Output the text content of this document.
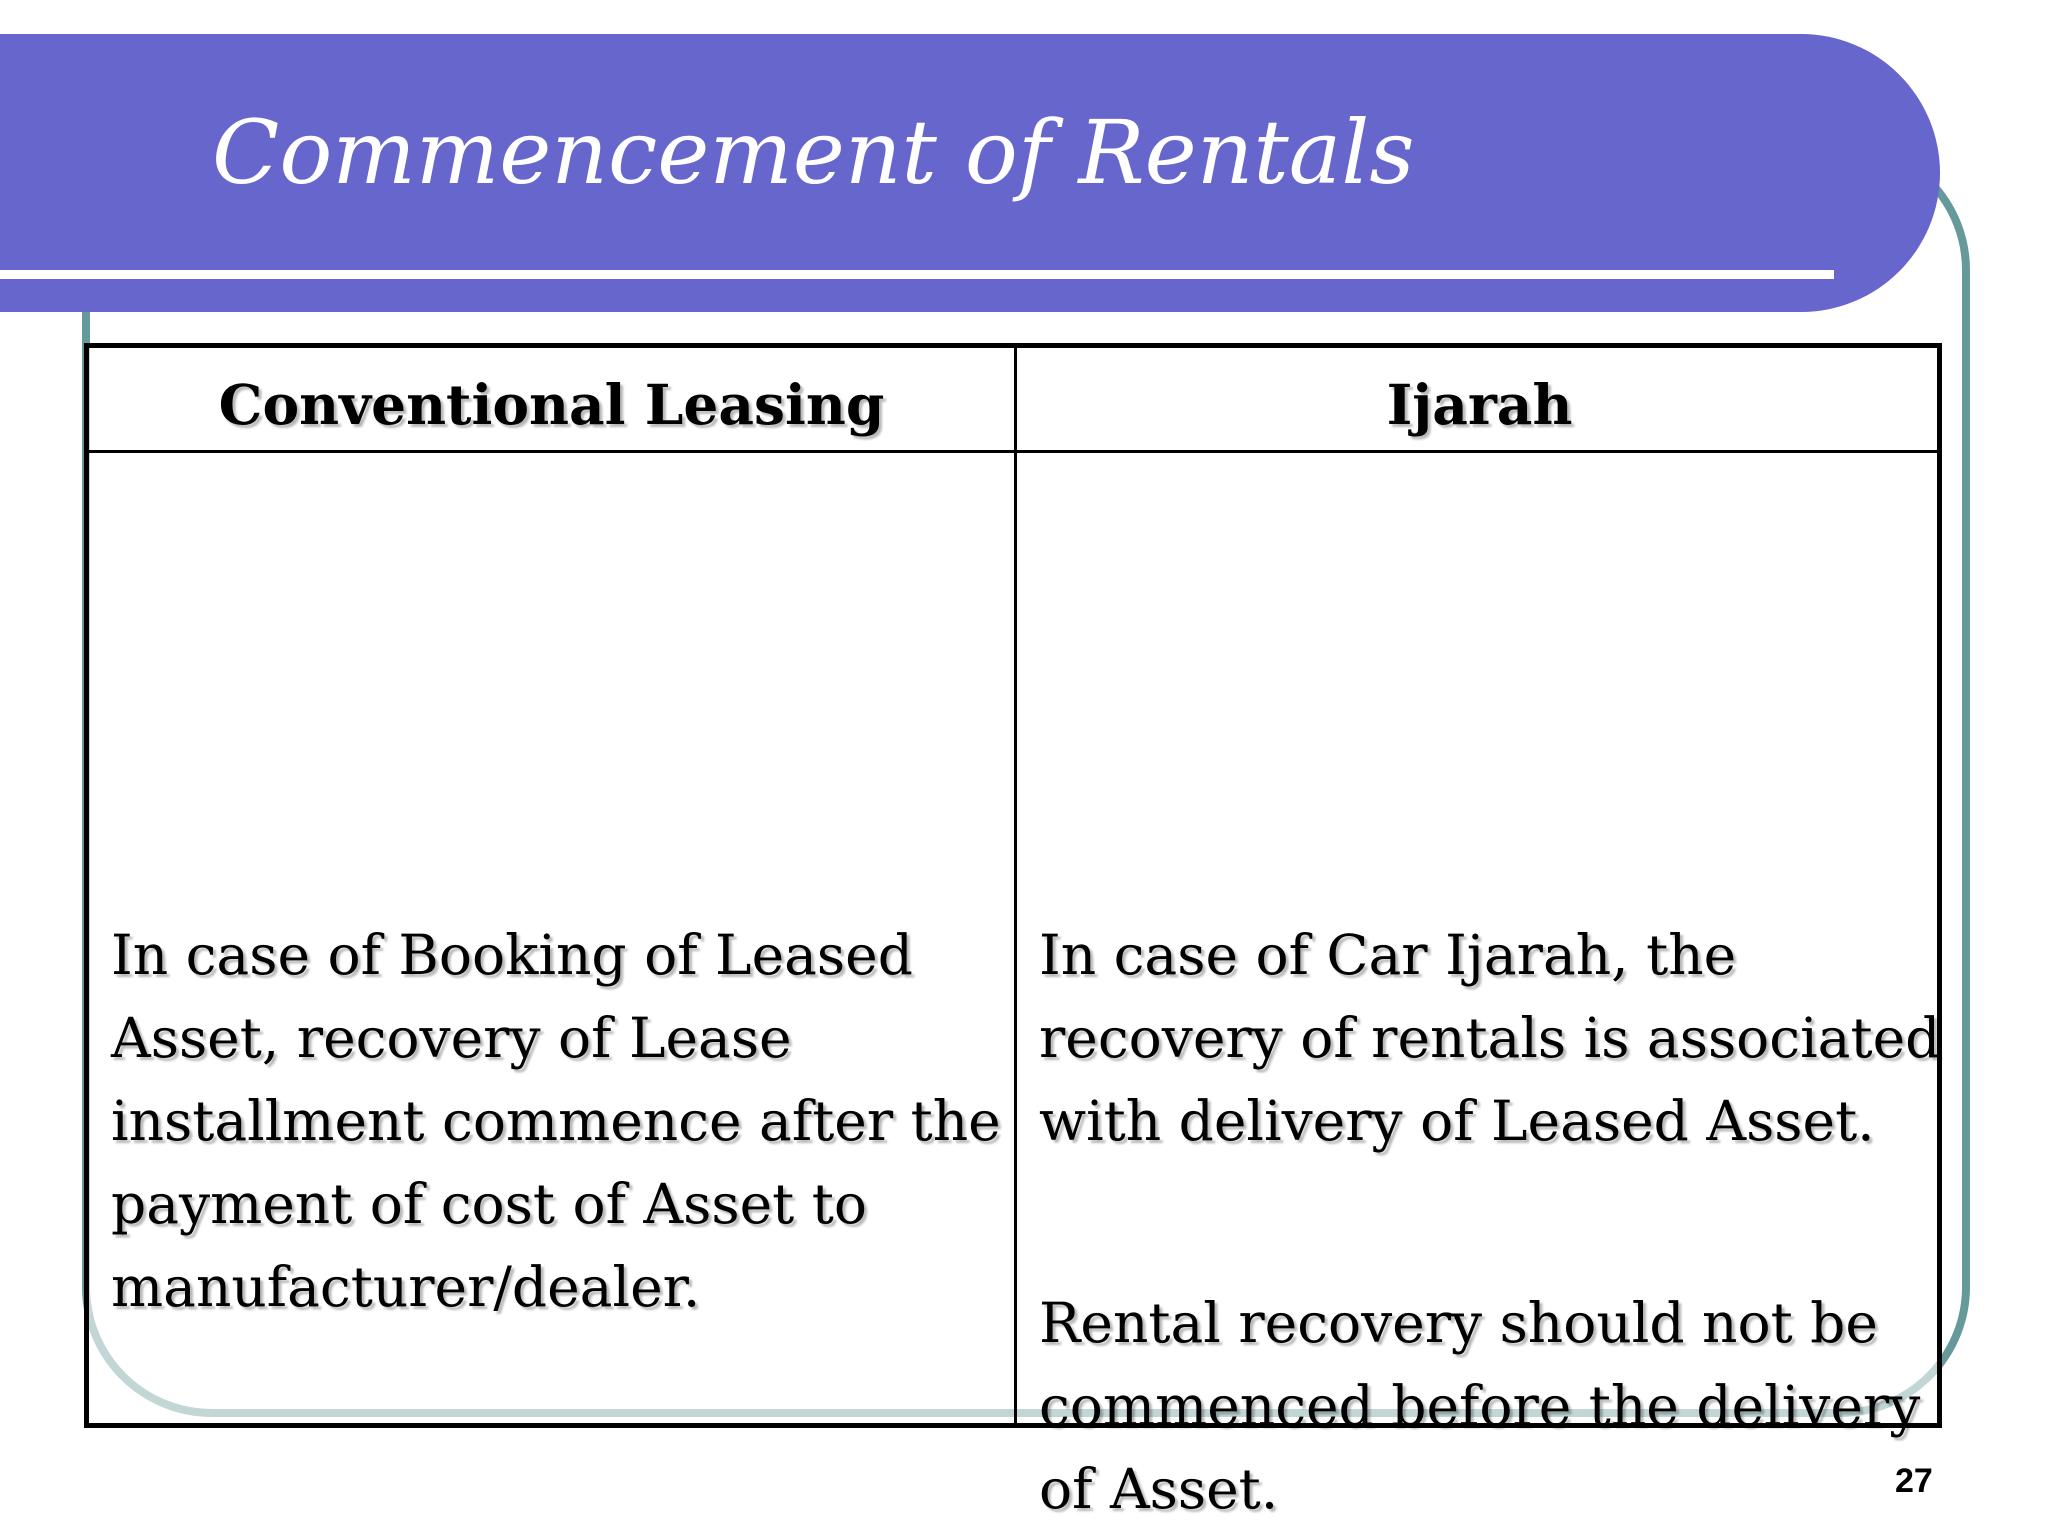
Commencement of Rentals
Conventional Leasing	Ijarah

In case of Booking of Leased
Asset, recovery of Lease
installment commence after the
payment of cost of Asset to
manufacturer/dealer.

In case of Car Ijarah, the
recovery of rentals is associated
with delivery of Leased Asset.

Rental recovery should not be
commenced before the delivery
of Asset.	27
